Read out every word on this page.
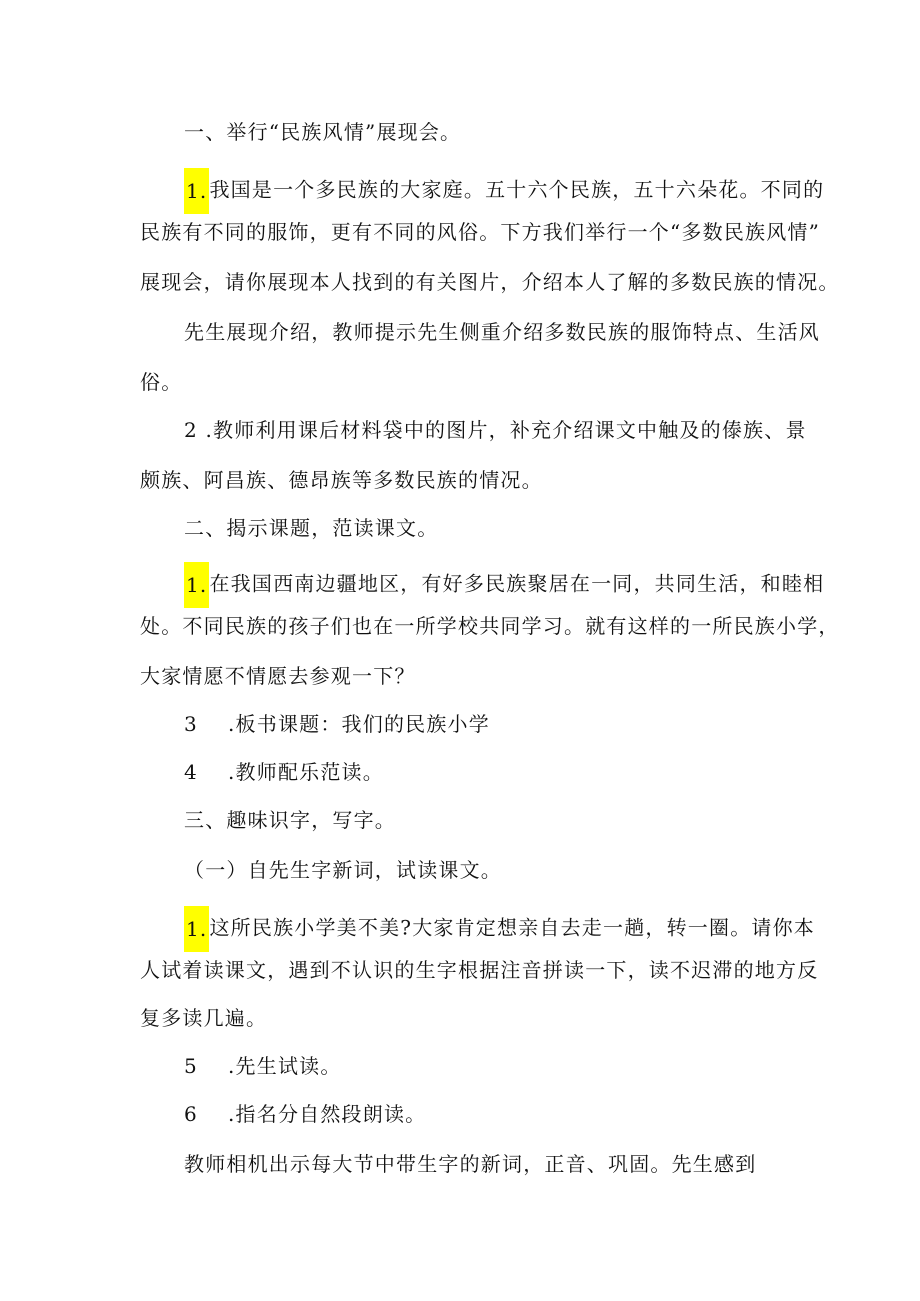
一、举行“民族风情”展现会。
1. 我国是一个多民族的大家庭。五十六个民族，五十六朵花。不同的
民族有不同的服饰，更有不同的风俗。下方我们举行一个“多数民族风情”
展现会，请你展现本人找到的有关图片，介绍本人了解的多数民族的情况。
先生展现介绍，教师提示先生侧重介绍多数民族的服饰特点、生活风
俗。
2 .教师利用课后材料袋中的图片，补充介绍课文中触及的傣族、景
颇族、阿昌族、德昂族等多数民族的情况。
二、揭示课题，范读课文。
1. 在我国西南边疆地区，有好多民族聚居在一同，共同生活，和睦相
处。不同民族的孩子们也在一所学校共同学习。就有这样的一所民族小学，
大家情愿不情愿去参观一下？
3 .板书课题：我们的民族小学
4 .教师配乐范读。
三、趣味识字，写字。
（一）自先生字新词，试读课文。
1. 这所民族小学美不美?大家肯定想亲自去走一趟，转一圈。请你本
人试着读课文，遇到不认识的生字根据注音拼读一下，读不迟滞的地方反
复多读几遍。
5 .先生试读。
6 .指名分自然段朗读。
教师相机出示每大节中带生字的新词，正音、巩固。先生感到
